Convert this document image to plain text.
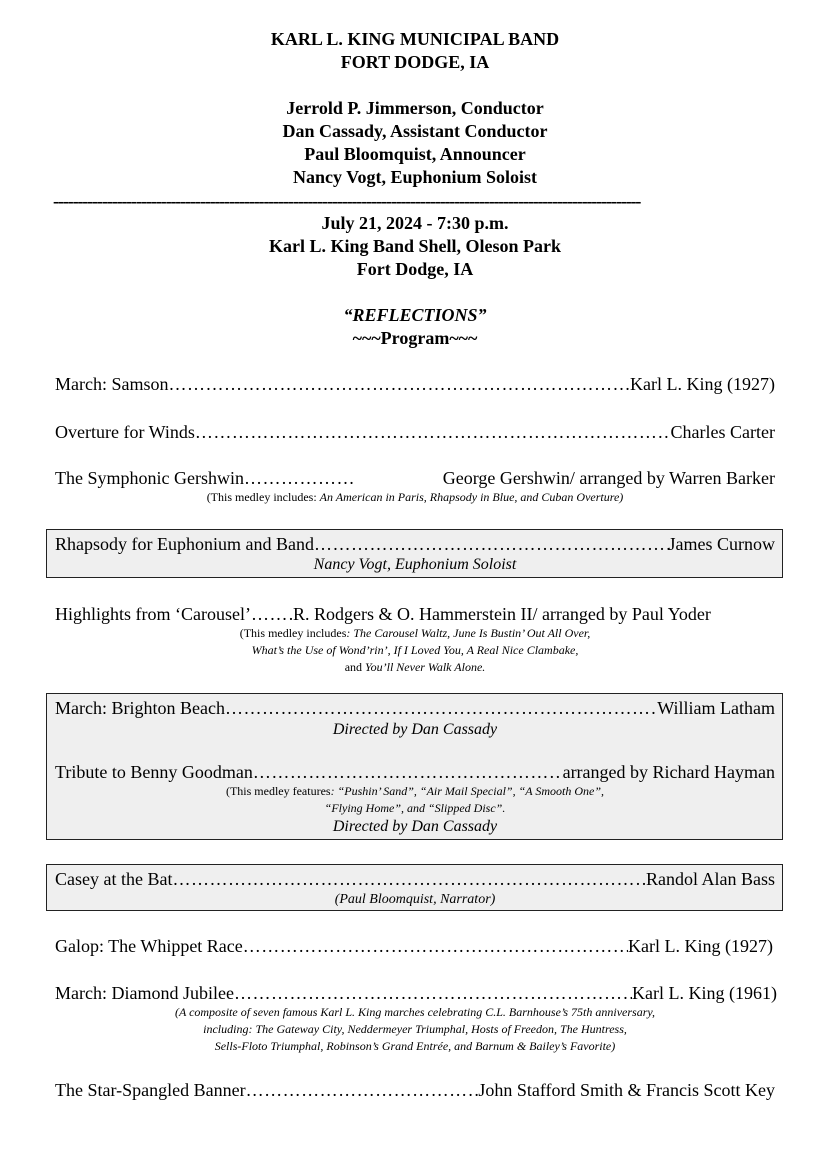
KARL L. KING MUNICIPAL BAND
FORT DODGE, IA
Jerrold P. Jimmerson, Conductor
Dan Cassady, Assistant Conductor
Paul Bloomquist, Announcer
Nancy Vogt, Euphonium Soloist
------------------------------------------------------------------------------------------------------------------------
July 21, 2024 - 7:30 p.m.
Karl L. King Band Shell, Oleson Park
Fort Dodge, IA
“REFLECTIONS”
~~~Program~~~
March: Samson …………………………………………………………………………………………………………………………………………………………………………………………………………………………………	Karl L. King (1927)
Overture for Winds …………………………………………………………………………………………………………………………………………………………………………………………………………………………………	Charles Carter
The Symphonic Gershwin …………………………………………………………………………………………………………………………………………………………………………………………………………………………………	George Gershwin/ arranged by Warren Barker
(This medley includes: An American in Paris, Rhapsody in Blue, and Cuban Overture)
Rhapsody for Euphonium and Band …………………………………………………………………………………………………………………………………………………………………………………………………………………………………	James Curnow
Nancy Vogt, Euphonium Soloist
Highlights from ‘Carousel’ ………………………………………………………………………………………………………………………………………………………………………………………………………………………………… R. Rodgers & O. Hammerstein II/ arranged by Paul Yoder
(This medley includes: The Carousel Waltz, June Is Bustin’ Out All Over,
What’s the Use of Wond’rin’, If I Loved You, A Real Nice Clambake,
and You’ll Never Walk Alone.
March: Brighton Beach …………………………………………………………………………………………………………………………………………………………………………………………………………………………………	William Latham
Directed by Dan Cassady
Tribute to Benny Goodman …………………………………………………………………………………………………………………………………………………………………………………………………………………………………	arranged by Richard Hayman
(This medley features: “Pushin’ Sand”, “Air Mail Special”, “A Smooth One”,
“Flying Home”, and “Slipped Disc”.
Directed by Dan Cassady
Casey at the Bat …………………………………………………………………………………………………………………………………………………………………………………………………………………………………	Randol Alan Bass
(Paul Bloomquist, Narrator)
Galop: The Whippet Race …………………………………………………………………………………………………………………………………………………………………………………………………………………………………	Karl L. King (1927)
March: Diamond Jubilee …………………………………………………………………………………………………………………………………………………………………………………………………………………………………	Karl L. King (1961)
(A composite of seven famous Karl L. King marches celebrating C.L. Barnhouse’s 75th anniversary,
including: The Gateway City, Neddermeyer Triumphal, Hosts of Freedon, The Huntress,
Sells-Floto Triumphal, Robinson’s Grand Entrée, and Barnum & Bailey’s Favorite)
The Star-Spangled Banner …………………………………………………………………………………………………………………………………………………………………………………………………………………………………	John Stafford Smith & Francis Scott Key
